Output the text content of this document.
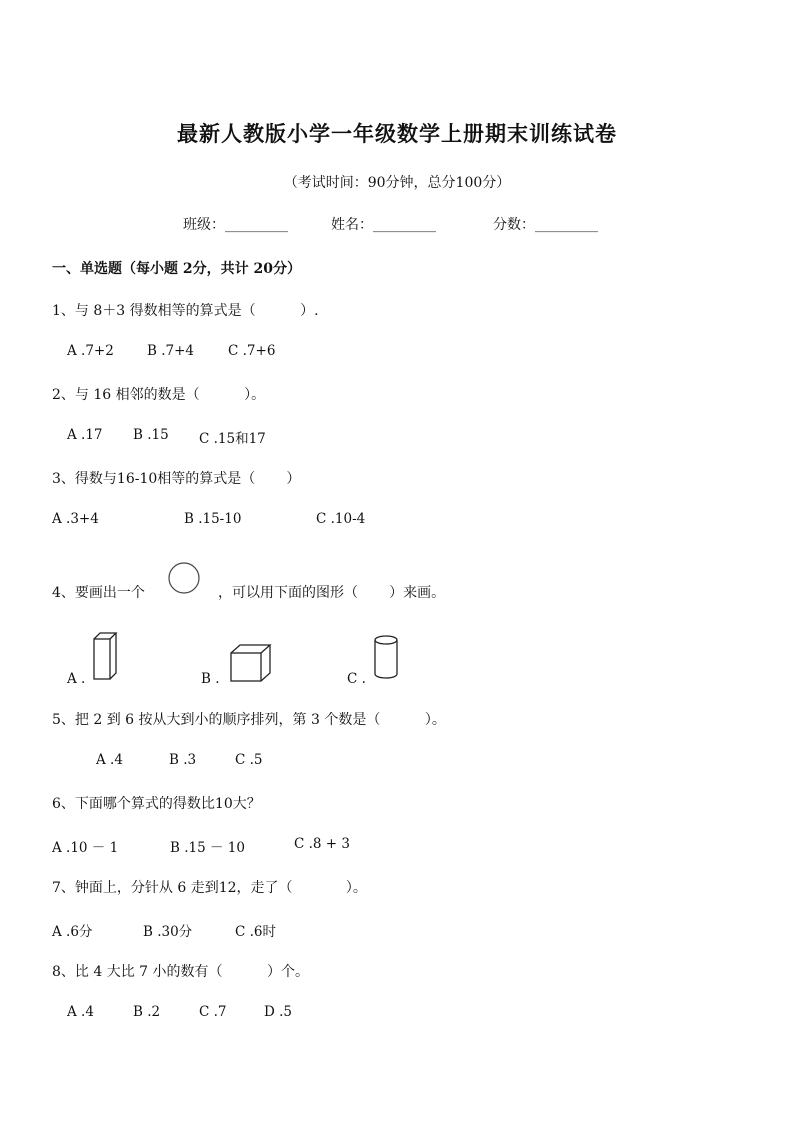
最新人教版小学一年级数学上册期末训练试卷
（考试时间：90分钟，总分100分）
班级：_________	姓名：_________	分数：_________
一、单选题（每小题 2分，共计 20分）
1、与 8＋3 得数相等的算式是（          ）.
A .7+2 B .7+4	C .7+6
2、与 16 相邻的数是（          ）。
A .17 B .15 C .15和17
3、得数与16-10相等的算式是（       ）
A .3+4	B .15-10	C .10-4
4、要画出一个	，可以用下面的图形（       ）来画。
A .	B .	C .
5、把 2 到 6 按从大到小的顺序排列，第 3 个数是（          ）。
A .4	B .3	C .5
6、下面哪个算式的得数比10大？
A .10 － 1	B .15 － 10	C .8 + 3
7、钟面上，分针从 6 走到12，走了（            ）。
A .6分	B .30分	C .6时
8、比 4 大比 7 小的数有（          ）个。
A .4	B .2	C .7	D .5
